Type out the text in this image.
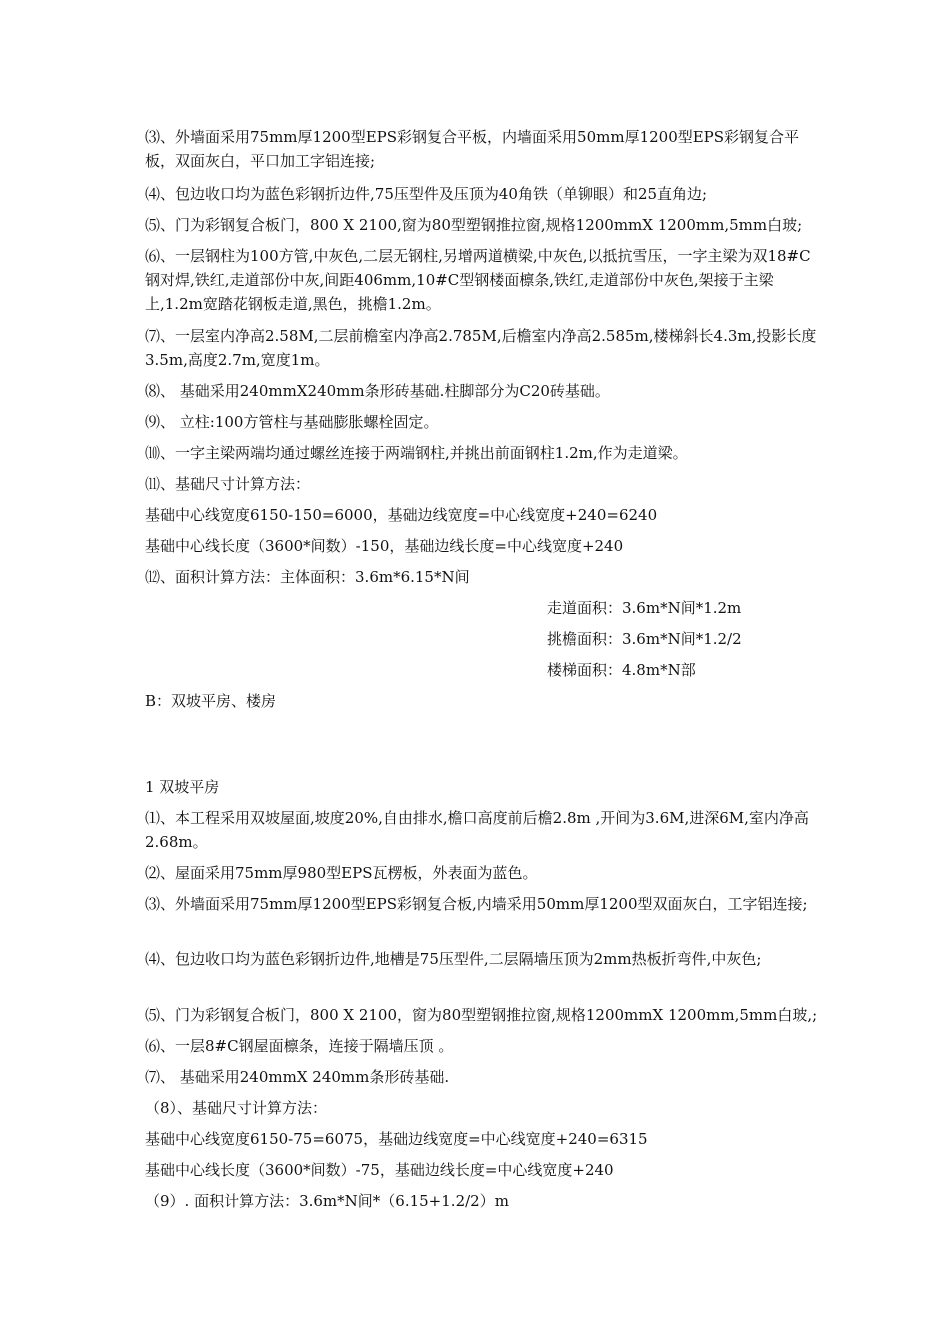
⑶、外墙面采用75mm厚1200型EPS彩钢复合平板，内墙面采用50mm厚1200型EPS彩钢复合平板，双面灰白，平口加工字铝连接;

⑷、包边收口均为蓝色彩钢折边件,75压型件及压顶为40角铁（单铆眼）和25直角边;

⑸、门为彩钢复合板门，800 X 2100,窗为80型塑钢推拉窗,规格1200mmX 1200mm,5mm白玻;

⑹、一层钢柱为100方管,中灰色,二层无钢柱,另增两道横梁,中灰色,以抵抗雪压，一字主梁为双18#C钢对焊,铁红,走道部份中灰,间距406mm,10#C型钢楼面檩条,铁红,走道部份中灰色,架接于主梁上,1.2m宽踏花钢板走道,黑色，挑檐1.2m。

⑺、一层室内净高2.58M,二层前檐室内净高2.785M,后檐室内净高2.585m,楼梯斜长4.3m,投影长度3.5m,高度2.7m,宽度1m。

⑻、 基础采用240mmX240mm条形砖基础.柱脚部分为C20砖基础。

⑼、 立柱:100方管柱与基础膨胀螺栓固定。

⑽、一字主梁两端均通过螺丝连接于两端钢柱,并挑出前面钢柱1.2m,作为走道梁。

⑾、基础尺寸计算方法：

基础中心线宽度6150-150=6000，基础边线宽度=中心线宽度+240=6240

基础中心线长度（3600*间数）-150，基础边线长度=中心线宽度+240

⑿、面积计算方法：主体面积：3.6m*6.15*N间

走道面积：3.6m*N间*1.2m

挑檐面积：3.6m*N间*1.2/2

楼梯面积：4.8m*N部

B：双坡平房、楼房

1 双坡平房

⑴、本工程采用双坡屋面,坡度20%,自由排水,檐口高度前后檐2.8m ,开间为3.6M,进深6M,室内净高2.68m。

⑵、屋面采用75mm厚980型EPS瓦楞板，外表面为蓝色。

⑶、外墙面采用75mm厚1200型EPS彩钢复合板,内墙采用50mm厚1200型双面灰白，工字铝连接;

⑷、包边收口均为蓝色彩钢折边件,地槽是75压型件,二层隔墙压顶为2mm热板折弯件,中灰色;

⑸、门为彩钢复合板门，800 X 2100，窗为80型塑钢推拉窗,规格1200mmX 1200mm,5mm白玻,;

⑹、一层8#C钢屋面檩条，连接于隔墙压顶 。

⑺、 基础采用240mmX 240mm条形砖基础.

（8）、基础尺寸计算方法：

基础中心线宽度6150-75=6075，基础边线宽度=中心线宽度+240=6315

基础中心线长度（3600*间数）-75，基础边线长度=中心线宽度+240

（9）. 面积计算方法：3.6m*N间*（6.15+1.2/2）m
